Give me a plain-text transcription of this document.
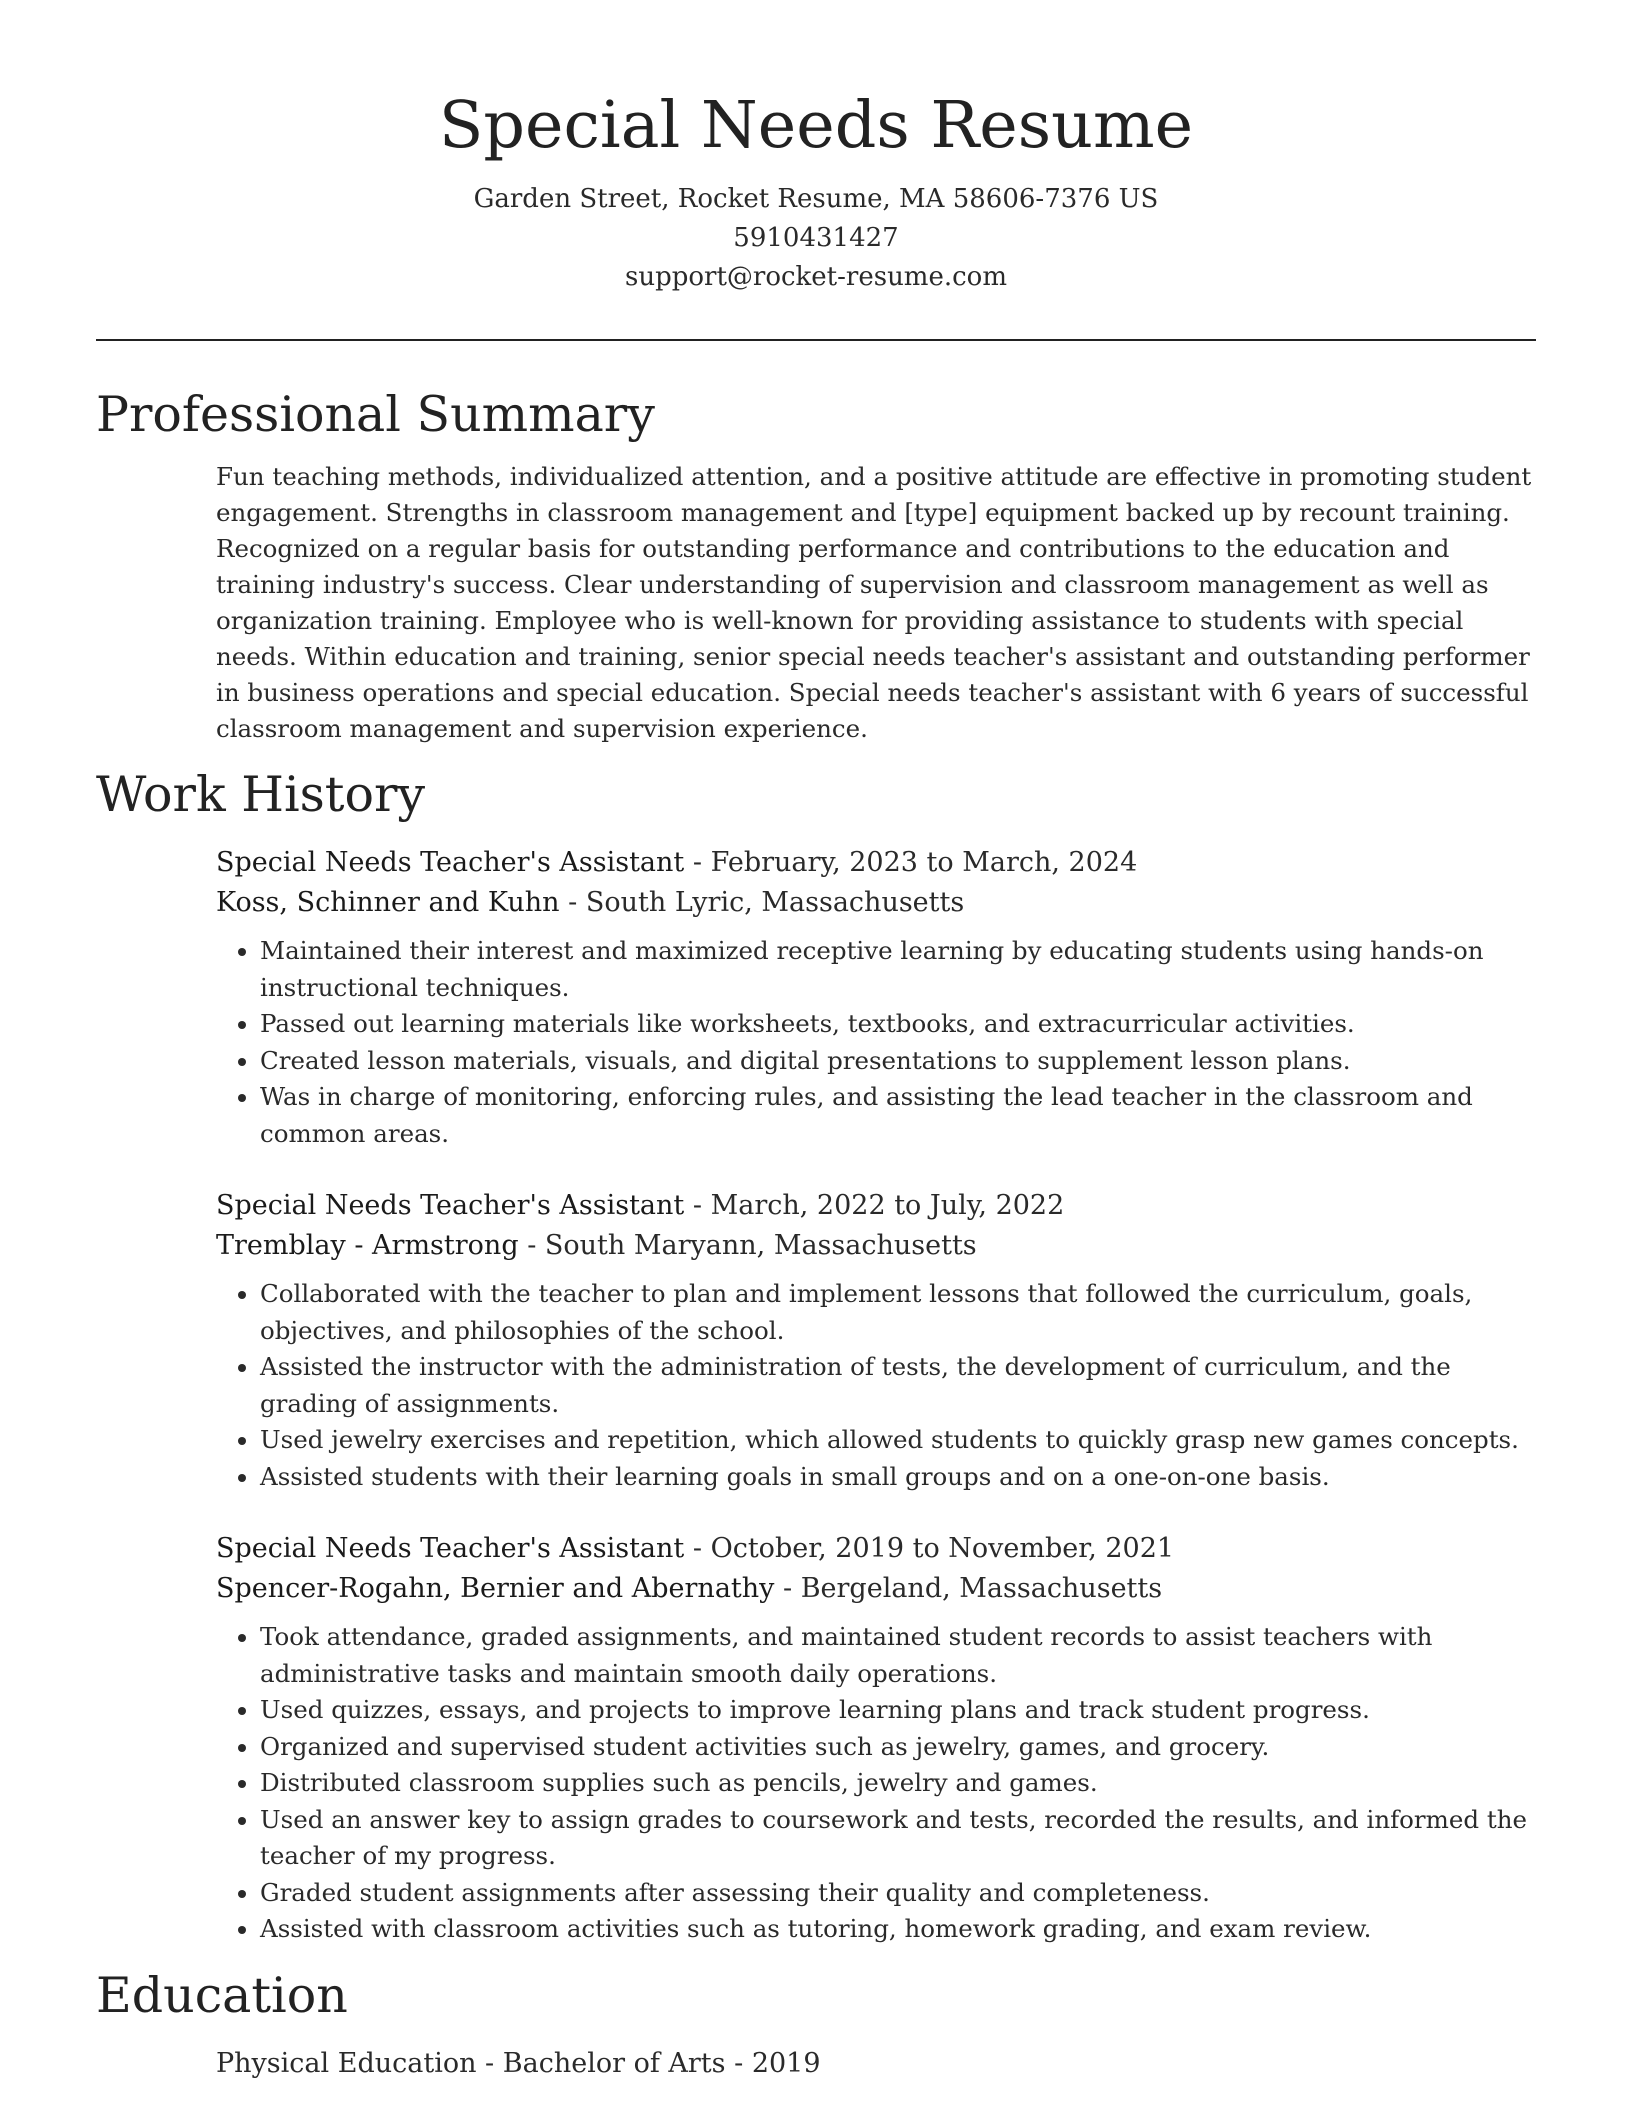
Special Needs Resume
Garden Street, Rocket Resume, MA 58606-7376 US
5910431427
support@rocket-resume.com
Professional Summary

Fun teaching methods, individualized attention, and a positive attitude are effective in promoting student engagement. Strengths in classroom management and [type] equipment backed up by recount training. Recognized on a regular basis for outstanding performance and contributions to the education and training industry's success. Clear understanding of supervision and classroom management as well as organization training. Employee who is well-known for providing assistance to students with special needs. Within education and training, senior special needs teacher's assistant and outstanding performer in business operations and special education. Special needs teacher's assistant with 6 years of successful classroom management and supervision experience.

Work History
Special Needs Teacher's Assistant - February, 2023 to March, 2024
Koss, Schinner and Kuhn - South Lyric, Massachusetts
• Maintained their interest and maximized receptive learning by educating students using hands-on instructional techniques.
• Passed out learning materials like worksheets, textbooks, and extracurricular activities.
• Created lesson materials, visuals, and digital presentations to supplement lesson plans.
• Was in charge of monitoring, enforcing rules, and assisting the lead teacher in the classroom and common areas.
Special Needs Teacher's Assistant - March, 2022 to July, 2022
Tremblay - Armstrong - South Maryann, Massachusetts
• Collaborated with the teacher to plan and implement lessons that followed the curriculum, goals, objectives, and philosophies of the school.
• Assisted the instructor with the administration of tests, the development of curriculum, and the grading of assignments.
• Used jewelry exercises and repetition, which allowed students to quickly grasp new games concepts.
• Assisted students with their learning goals in small groups and on a one-on-one basis.
Special Needs Teacher's Assistant - October, 2019 to November, 2021
Spencer-Rogahn, Bernier and Abernathy - Bergeland, Massachusetts
• Took attendance, graded assignments, and maintained student records to assist teachers with administrative tasks and maintain smooth daily operations.
• Used quizzes, essays, and projects to improve learning plans and track student progress.
• Organized and supervised student activities such as jewelry, games, and grocery.
• Distributed classroom supplies such as pencils, jewelry and games.
• Used an answer key to assign grades to coursework and tests, recorded the results, and informed the teacher of my progress.
• Graded student assignments after assessing their quality and completeness.
• Assisted with classroom activities such as tutoring, homework grading, and exam review.
Education
Physical Education - Bachelor of Arts - 2019
